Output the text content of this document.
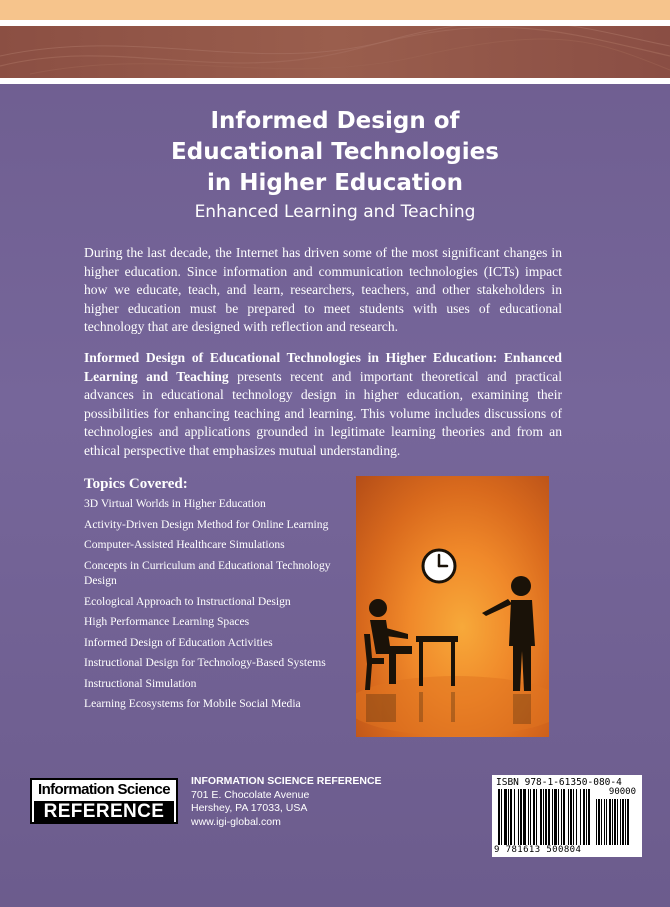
Informed Design of
Educational Technologies
in Higher Education
Enhanced Learning and Teaching
During the last decade, the Internet has driven some of the most significant changes in higher education. Since information and communication technologies (ICTs) impact how we educate, teach, and learn, researchers, teachers, and other stakeholders in higher education must be prepared to meet students with uses of educational technology that are designed with reflection and research.
Informed Design of Educational Technologies in Higher Education: Enhanced Learning and Teaching presents recent and important theoretical and practical advances in educational technology design in higher education, examining their possibilities for enhancing teaching and learning. This volume includes discussions of technologies and applications grounded in legitimate learning theories and from an ethical perspective that emphasizes mutual understanding.
Topics Covered:
3D Virtual Worlds in Higher Education
Activity-Driven Design Method for Online Learning
Computer-Assisted Healthcare Simulations
Concepts in Curriculum and Educational Technology Design
Ecological Approach to Instructional Design
High Performance Learning Spaces
Informed Design of Education Activities
Instructional Design for Technology-Based Systems
Instructional Simulation
Learning Ecosystems for Mobile Social Media
Information Science
REFERENCE
INFORMATION SCIENCE REFERENCE
701 E. Chocolate Avenue
Hershey, PA 17033, USA
www.igi-global.com
ISBN 978-1-61350-080-4
90000
9 781613 500804
